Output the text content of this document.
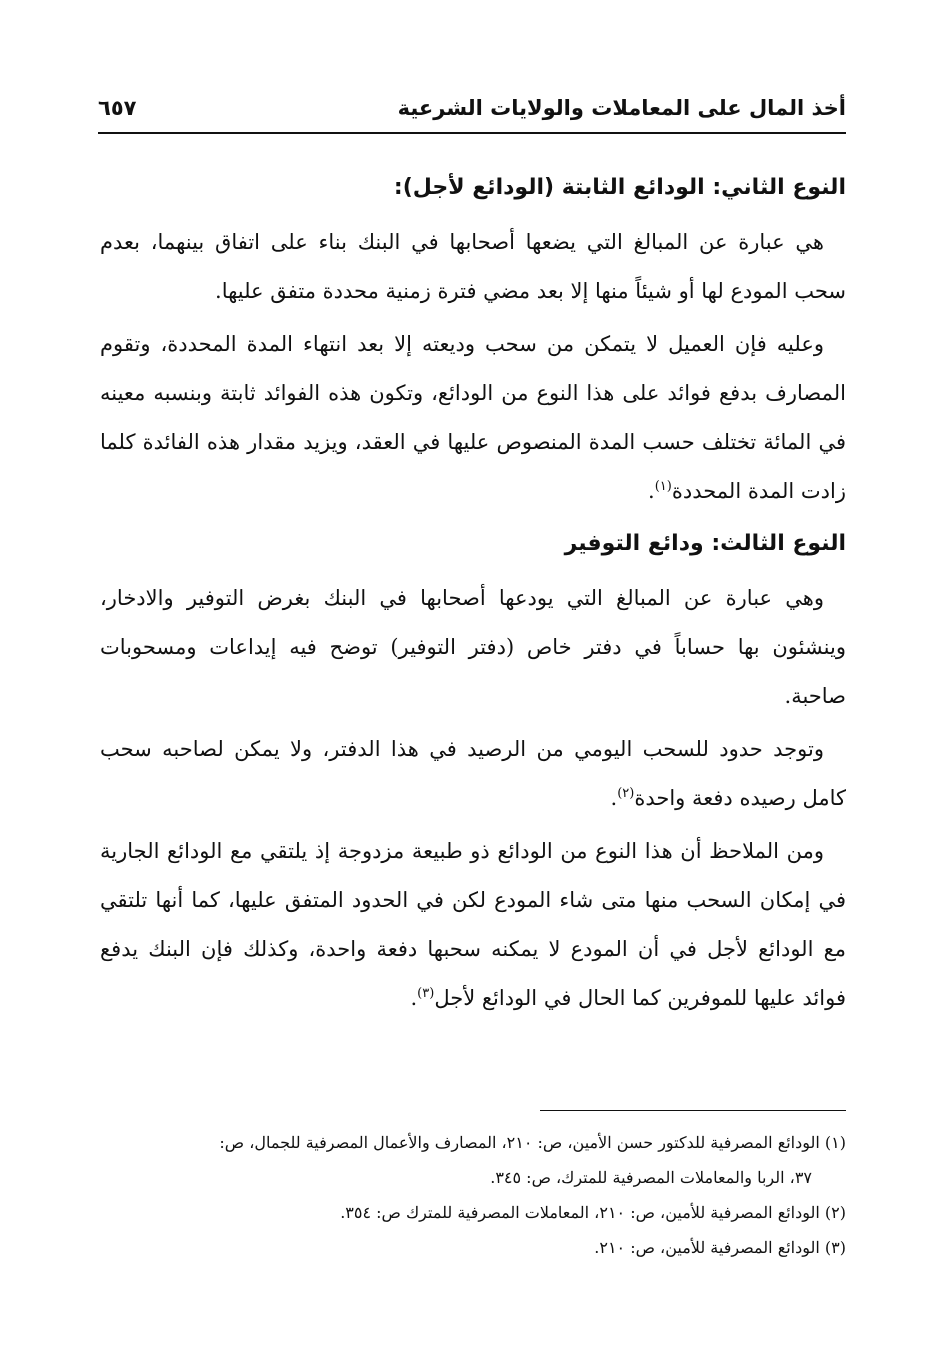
أخذ المال على المعاملات والولايات الشرعية
٦٥٧
النوع الثاني: الودائع الثابتة (الودائع لأجل):

هي عبارة عن المبالغ التي يضعها أصحابها في البنك بناء على اتفاق بينهما، بعدم سحب المودع لها أو شيئاً منها إلا بعد مضي فترة زمنية محددة متفق عليها.

وعليه فإن العميل لا يتمكن من سحب وديعته إلا بعد انتهاء المدة المحددة، وتقوم المصارف بدفع فوائد على هذا النوع من الودائع، وتكون هذه الفوائد ثابتة وبنسبه معينه في المائة تختلف حسب المدة المنصوص عليها في العقد، ويزيد مقدار هذه الفائدة كلما زادت المدة المحددة$^{(١)}$.

النوع الثالث: ودائع التوفير

وهي عبارة عن المبالغ التي يودعها أصحابها في البنك بغرض التوفير والادخار، وينشئون بها حساباً في دفتر خاص (دفتر التوفير) توضح فيه إيداعات ومسحوبات صاحبة.

وتوجد حدود للسحب اليومي من الرصيد في هذا الدفتر، ولا يمكن لصاحبه سحب كامل رصيده دفعة واحدة$^{(٢)}$.

ومن الملاحظ أن هذا النوع من الودائع ذو طبيعة مزدوجة إذ يلتقي مع الودائع الجارية في إمكان السحب منها متى شاء المودع لكن في الحدود المتفق عليها، كما أنها تلتقي مع الودائع لأجل في أن المودع لا يمكنه سحبها دفعة واحدة، وكذلك فإن البنك يدفع فوائد عليها للموفرين كما الحال في الودائع لأجل$^{(٣)}$.

(١) الودائع المصرفية للدكتور حسن الأمين، ص: ٢١٠، المصارف والأعمال المصرفية للجمال، ص:
٣٧، الربا والمعاملات المصرفية للمترك، ص: ٣٤٥.

(٢) الودائع المصرفية للأمين، ص: ٢١٠، المعاملات المصرفية للمترك ص: ٣٥٤.

(٣) الودائع المصرفية للأمين، ص: ٢١٠.
